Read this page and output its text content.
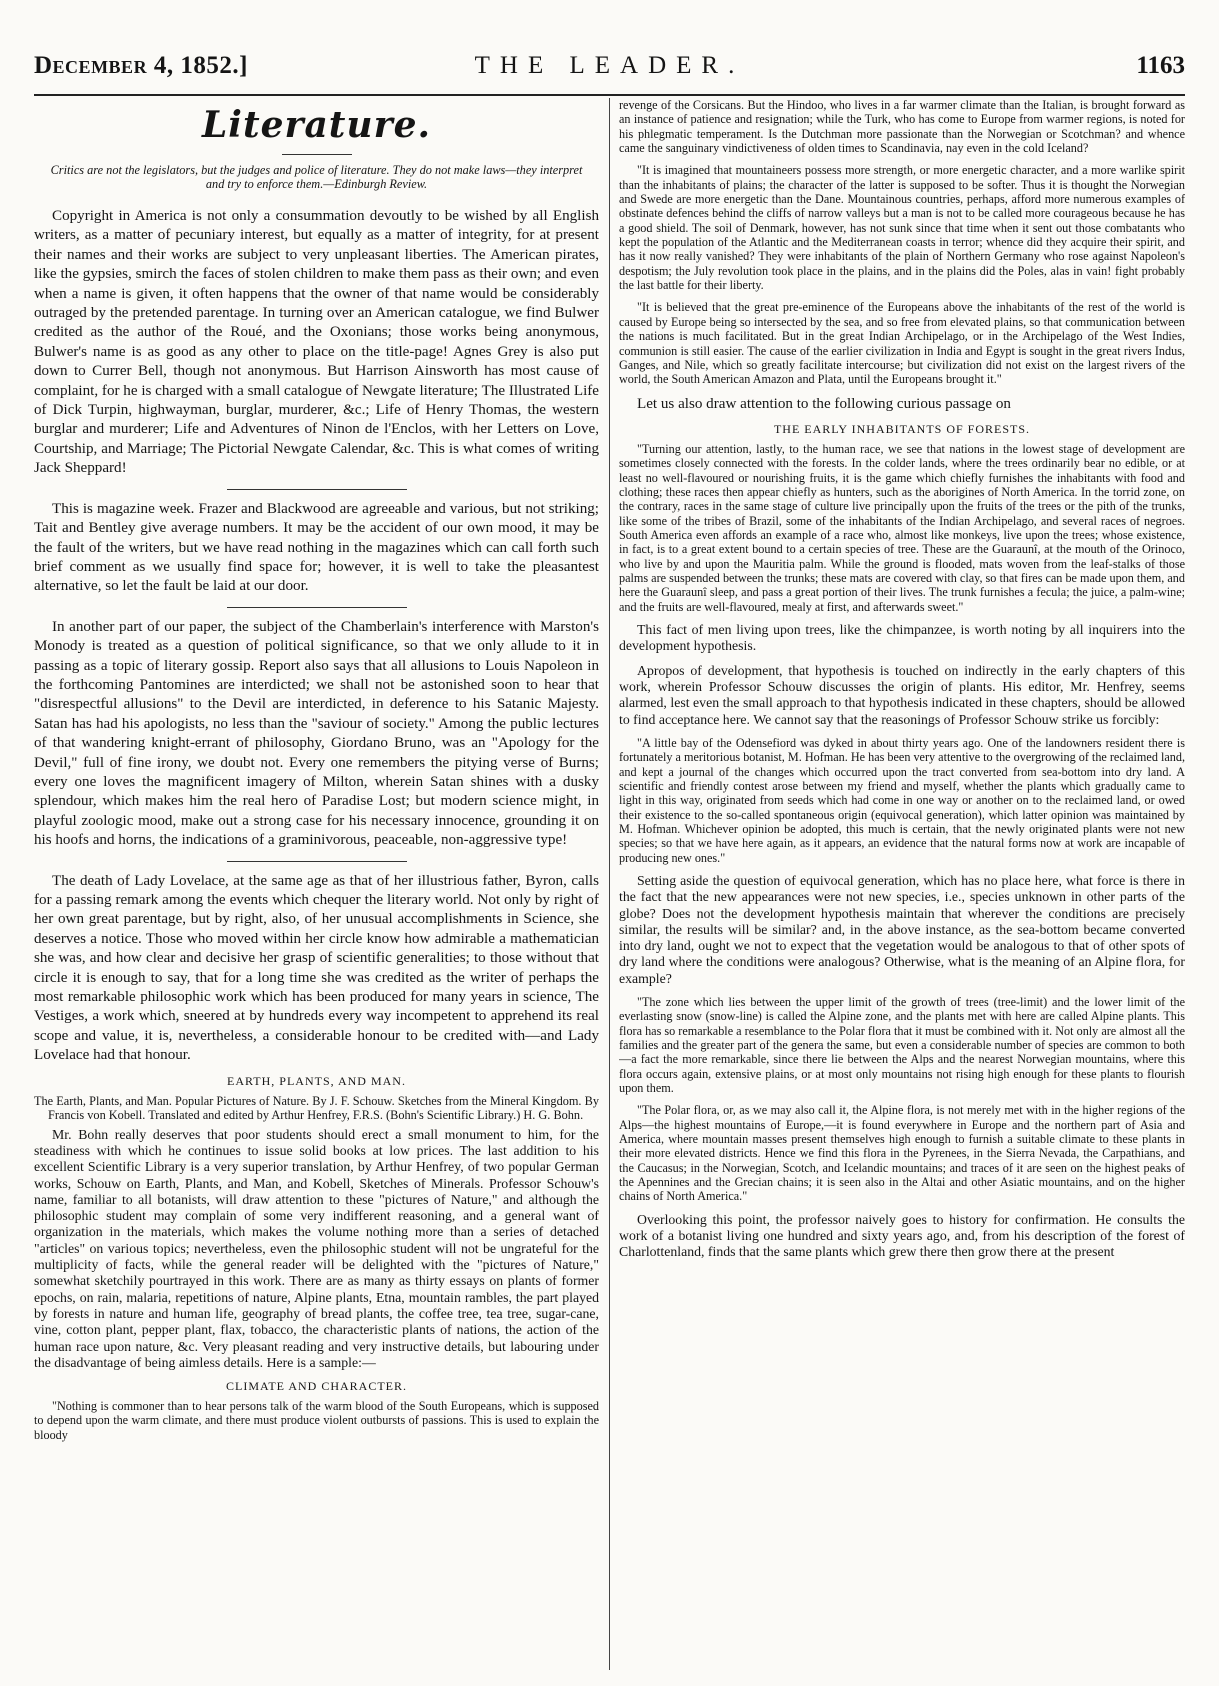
December 4, 1852.]	THE LEADER.	1163
Literature.
Critics are not the legislators, but the judges and police of literature. They do not make laws—they interpret and try to enforce them.—Edinburgh Review.

Copyright in America is not only a consummation devoutly to be wished by all English writers, as a matter of pecuniary interest, but equally as a matter of integrity, for at present their names and their works are subject to very unpleasant liberties. The American pirates, like the gypsies, smirch the faces of stolen children to make them pass as their own; and even when a name is given, it often happens that the owner of that name would be considerably outraged by the pretended parentage. In turning over an American catalogue, we find Bulwer credited as the author of the Roué, and the Oxonians; those works being anonymous, Bulwer's name is as good as any other to place on the title-page! Agnes Grey is also put down to Currer Bell, though not anonymous. But Harrison Ainsworth has most cause of complaint, for he is charged with a small catalogue of Newgate literature; The Illustrated Life of Dick Turpin, highwayman, burglar, murderer, &c.; Life of Henry Thomas, the western burglar and murderer; Life and Adventures of Ninon de l'Enclos, with her Letters on Love, Courtship, and Marriage; The Pictorial Newgate Calendar, &c. This is what comes of writing Jack Sheppard!

This is magazine week. Frazer and Blackwood are agreeable and various, but not striking; Tait and Bentley give average numbers. It may be the accident of our own mood, it may be the fault of the writers, but we have read nothing in the magazines which can call forth such brief comment as we usually find space for; however, it is well to take the pleasantest alternative, so let the fault be laid at our door.

In another part of our paper, the subject of the Chamberlain's interference with Marston's Monody is treated as a question of political significance, so that we only allude to it in passing as a topic of literary gossip. Report also says that all allusions to Louis Napoleon in the forthcoming Pantomines are interdicted; we shall not be astonished soon to hear that "disrespectful allusions" to the Devil are interdicted, in deference to his Satanic Majesty. Satan has had his apologists, no less than the "saviour of society." Among the public lectures of that wandering knight-errant of philosophy, Giordano Bruno, was an "Apology for the Devil," full of fine irony, we doubt not. Every one remembers the pitying verse of Burns; every one loves the magnificent imagery of Milton, wherein Satan shines with a dusky splendour, which makes him the real hero of Paradise Lost; but modern science might, in playful zoologic mood, make out a strong case for his necessary innocence, grounding it on his hoofs and horns, the indications of a graminivorous, peaceable, non-aggressive type!

The death of Lady Lovelace, at the same age as that of her illustrious father, Byron, calls for a passing remark among the events which chequer the literary world. Not only by right of her own great parentage, but by right, also, of her unusual accomplishments in Science, she deserves a notice. Those who moved within her circle know how admirable a mathematician she was, and how clear and decisive her grasp of scientific generalities; to those without that circle it is enough to say, that for a long time she was credited as the writer of perhaps the most remarkable philosophic work which has been produced for many years in science, The Vestiges, a work which, sneered at by hundreds every way incompetent to apprehend its real scope and value, it is, nevertheless, a considerable honour to be credited with—and Lady Lovelace had that honour.

EARTH, PLANTS, AND MAN.
The Earth, Plants, and Man. Popular Pictures of Nature. By J. F. Schouw. Sketches from the Mineral Kingdom. By Francis von Kobell. Translated and edited by Arthur Henfrey, F.R.S. (Bohn's Scientific Library.) H. G. Bohn.

Mr. Bohn really deserves that poor students should erect a small monument to him, for the steadiness with which he continues to issue solid books at low prices. The last addition to his excellent Scientific Library is a very superior translation, by Arthur Henfrey, of two popular German works, Schouw on Earth, Plants, and Man, and Kobell, Sketches of Minerals. Professor Schouw's name, familiar to all botanists, will draw attention to these "pictures of Nature," and although the philosophic student may complain of some very indifferent reasoning, and a general want of organization in the materials, which makes the volume nothing more than a series of detached "articles" on various topics; nevertheless, even the philosophic student will not be ungrateful for the multiplicity of facts, while the general reader will be delighted with the "pictures of Nature," somewhat sketchily pourtrayed in this work. There are as many as thirty essays on plants of former epochs, on rain, malaria, repetitions of nature, Alpine plants, Etna, mountain rambles, the part played by forests in nature and human life, geography of bread plants, the coffee tree, tea tree, sugar-cane, vine, cotton plant, pepper plant, flax, tobacco, the characteristic plants of nations, the action of the human race upon nature, &c. Very pleasant reading and very instructive details, but labouring under the disadvantage of being aimless details. Here is a sample:—

CLIMATE AND CHARACTER.

"Nothing is commoner than to hear persons talk of the warm blood of the South Europeans, which is supposed to depend upon the warm climate, and there must produce violent outbursts of passions. This is used to explain the bloody

revenge of the Corsicans. But the Hindoo, who lives in a far warmer climate than the Italian, is brought forward as an instance of patience and resignation; while the Turk, who has come to Europe from warmer regions, is noted for his phlegmatic temperament. Is the Dutchman more passionate than the Norwegian or Scotchman? and whence came the sanguinary vindictiveness of olden times to Scandinavia, nay even in the cold Iceland?

"It is imagined that mountaineers possess more strength, or more energetic character, and a more warlike spirit than the inhabitants of plains; the character of the latter is supposed to be softer. Thus it is thought the Norwegian and Swede are more energetic than the Dane. Mountainous countries, perhaps, afford more numerous examples of obstinate defences behind the cliffs of narrow valleys but a man is not to be called more courageous because he has a good shield. The soil of Denmark, however, has not sunk since that time when it sent out those combatants who kept the population of the Atlantic and the Mediterranean coasts in terror; whence did they acquire their spirit, and has it now really vanished? They were inhabitants of the plain of Northern Germany who rose against Napoleon's despotism; the July revolution took place in the plains, and in the plains did the Poles, alas in vain! fight probably the last battle for their liberty.

"It is believed that the great pre-eminence of the Europeans above the inhabitants of the rest of the world is caused by Europe being so intersected by the sea, and so free from elevated plains, so that communication between the nations is much facilitated. But in the great Indian Archipelago, or in the Archipelago of the West Indies, communion is still easier. The cause of the earlier civilization in India and Egypt is sought in the great rivers Indus, Ganges, and Nile, which so greatly facilitate intercourse; but civilization did not exist on the largest rivers of the world, the South American Amazon and Plata, until the Europeans brought it."

Let us also draw attention to the following curious passage on

THE EARLY INHABITANTS OF FORESTS.

"Turning our attention, lastly, to the human race, we see that nations in the lowest stage of development are sometimes closely connected with the forests. In the colder lands, where the trees ordinarily bear no edible, or at least no well-flavoured or nourishing fruits, it is the game which chiefly furnishes the inhabitants with food and clothing; these races then appear chiefly as hunters, such as the aborigines of North America. In the torrid zone, on the contrary, races in the same stage of culture live principally upon the fruits of the trees or the pith of the trunks, like some of the tribes of Brazil, some of the inhabitants of the Indian Archipelago, and several races of negroes. South America even affords an example of a race who, almost like monkeys, live upon the trees; whose existence, in fact, is to a great extent bound to a certain species of tree. These are the Guaraunî, at the mouth of the Orinoco, who live by and upon the Mauritia palm. While the ground is flooded, mats woven from the leaf-stalks of those palms are suspended between the trunks; these mats are covered with clay, so that fires can be made upon them, and here the Guaraunî sleep, and pass a great portion of their lives. The trunk furnishes a fecula; the juice, a palm-wine; and the fruits are well-flavoured, mealy at first, and afterwards sweet."

This fact of men living upon trees, like the chimpanzee, is worth noting by all inquirers into the development hypothesis.

Apropos of development, that hypothesis is touched on indirectly in the early chapters of this work, wherein Professor Schouw discusses the origin of plants. His editor, Mr. Henfrey, seems alarmed, lest even the small approach to that hypothesis indicated in these chapters, should be allowed to find acceptance here. We cannot say that the reasonings of Professor Schouw strike us forcibly:

"A little bay of the Odensefiord was dyked in about thirty years ago. One of the landowners resident there is fortunately a meritorious botanist, M. Hofman. He has been very attentive to the overgrowing of the reclaimed land, and kept a journal of the changes which occurred upon the tract converted from sea-bottom into dry land. A scientific and friendly contest arose between my friend and myself, whether the plants which gradually came to light in this way, originated from seeds which had come in one way or another on to the reclaimed land, or owed their existence to the so-called spontaneous origin (equivocal generation), which latter opinion was maintained by M. Hofman. Whichever opinion be adopted, this much is certain, that the newly originated plants were not new species; so that we have here again, as it appears, an evidence that the natural forms now at work are incapable of producing new ones."

Setting aside the question of equivocal generation, which has no place here, what force is there in the fact that the new appearances were not new species, i.e., species unknown in other parts of the globe? Does not the development hypothesis maintain that wherever the conditions are precisely similar, the results will be similar? and, in the above instance, as the sea-bottom became converted into dry land, ought we not to expect that the vegetation would be analogous to that of other spots of dry land where the conditions were analogous? Otherwise, what is the meaning of an Alpine flora, for example?

"The zone which lies between the upper limit of the growth of trees (tree-limit) and the lower limit of the everlasting snow (snow-line) is called the Alpine zone, and the plants met with here are called Alpine plants. This flora has so remarkable a resemblance to the Polar flora that it must be combined with it. Not only are almost all the families and the greater part of the genera the same, but even a considerable number of species are common to both—a fact the more remarkable, since there lie between the Alps and the nearest Norwegian mountains, where this flora occurs again, extensive plains, or at most only mountains not rising high enough for these plants to flourish upon them.

"The Polar flora, or, as we may also call it, the Alpine flora, is not merely met with in the higher regions of the Alps—the highest mountains of Europe,—it is found everywhere in Europe and the northern part of Asia and America, where mountain masses present themselves high enough to furnish a suitable climate to these plants in their more elevated districts. Hence we find this flora in the Pyrenees, in the Sierra Nevada, the Carpathians, and the Caucasus; in the Norwegian, Scotch, and Icelandic mountains; and traces of it are seen on the highest peaks of the Apennines and the Grecian chains; it is seen also in the Altai and other Asiatic mountains, and on the higher chains of North America."

Overlooking this point, the professor naively goes to history for confirmation. He consults the work of a botanist living one hundred and sixty years ago, and, from his description of the forest of Charlottenland, finds that the same plants which grew there then grow there at the present
